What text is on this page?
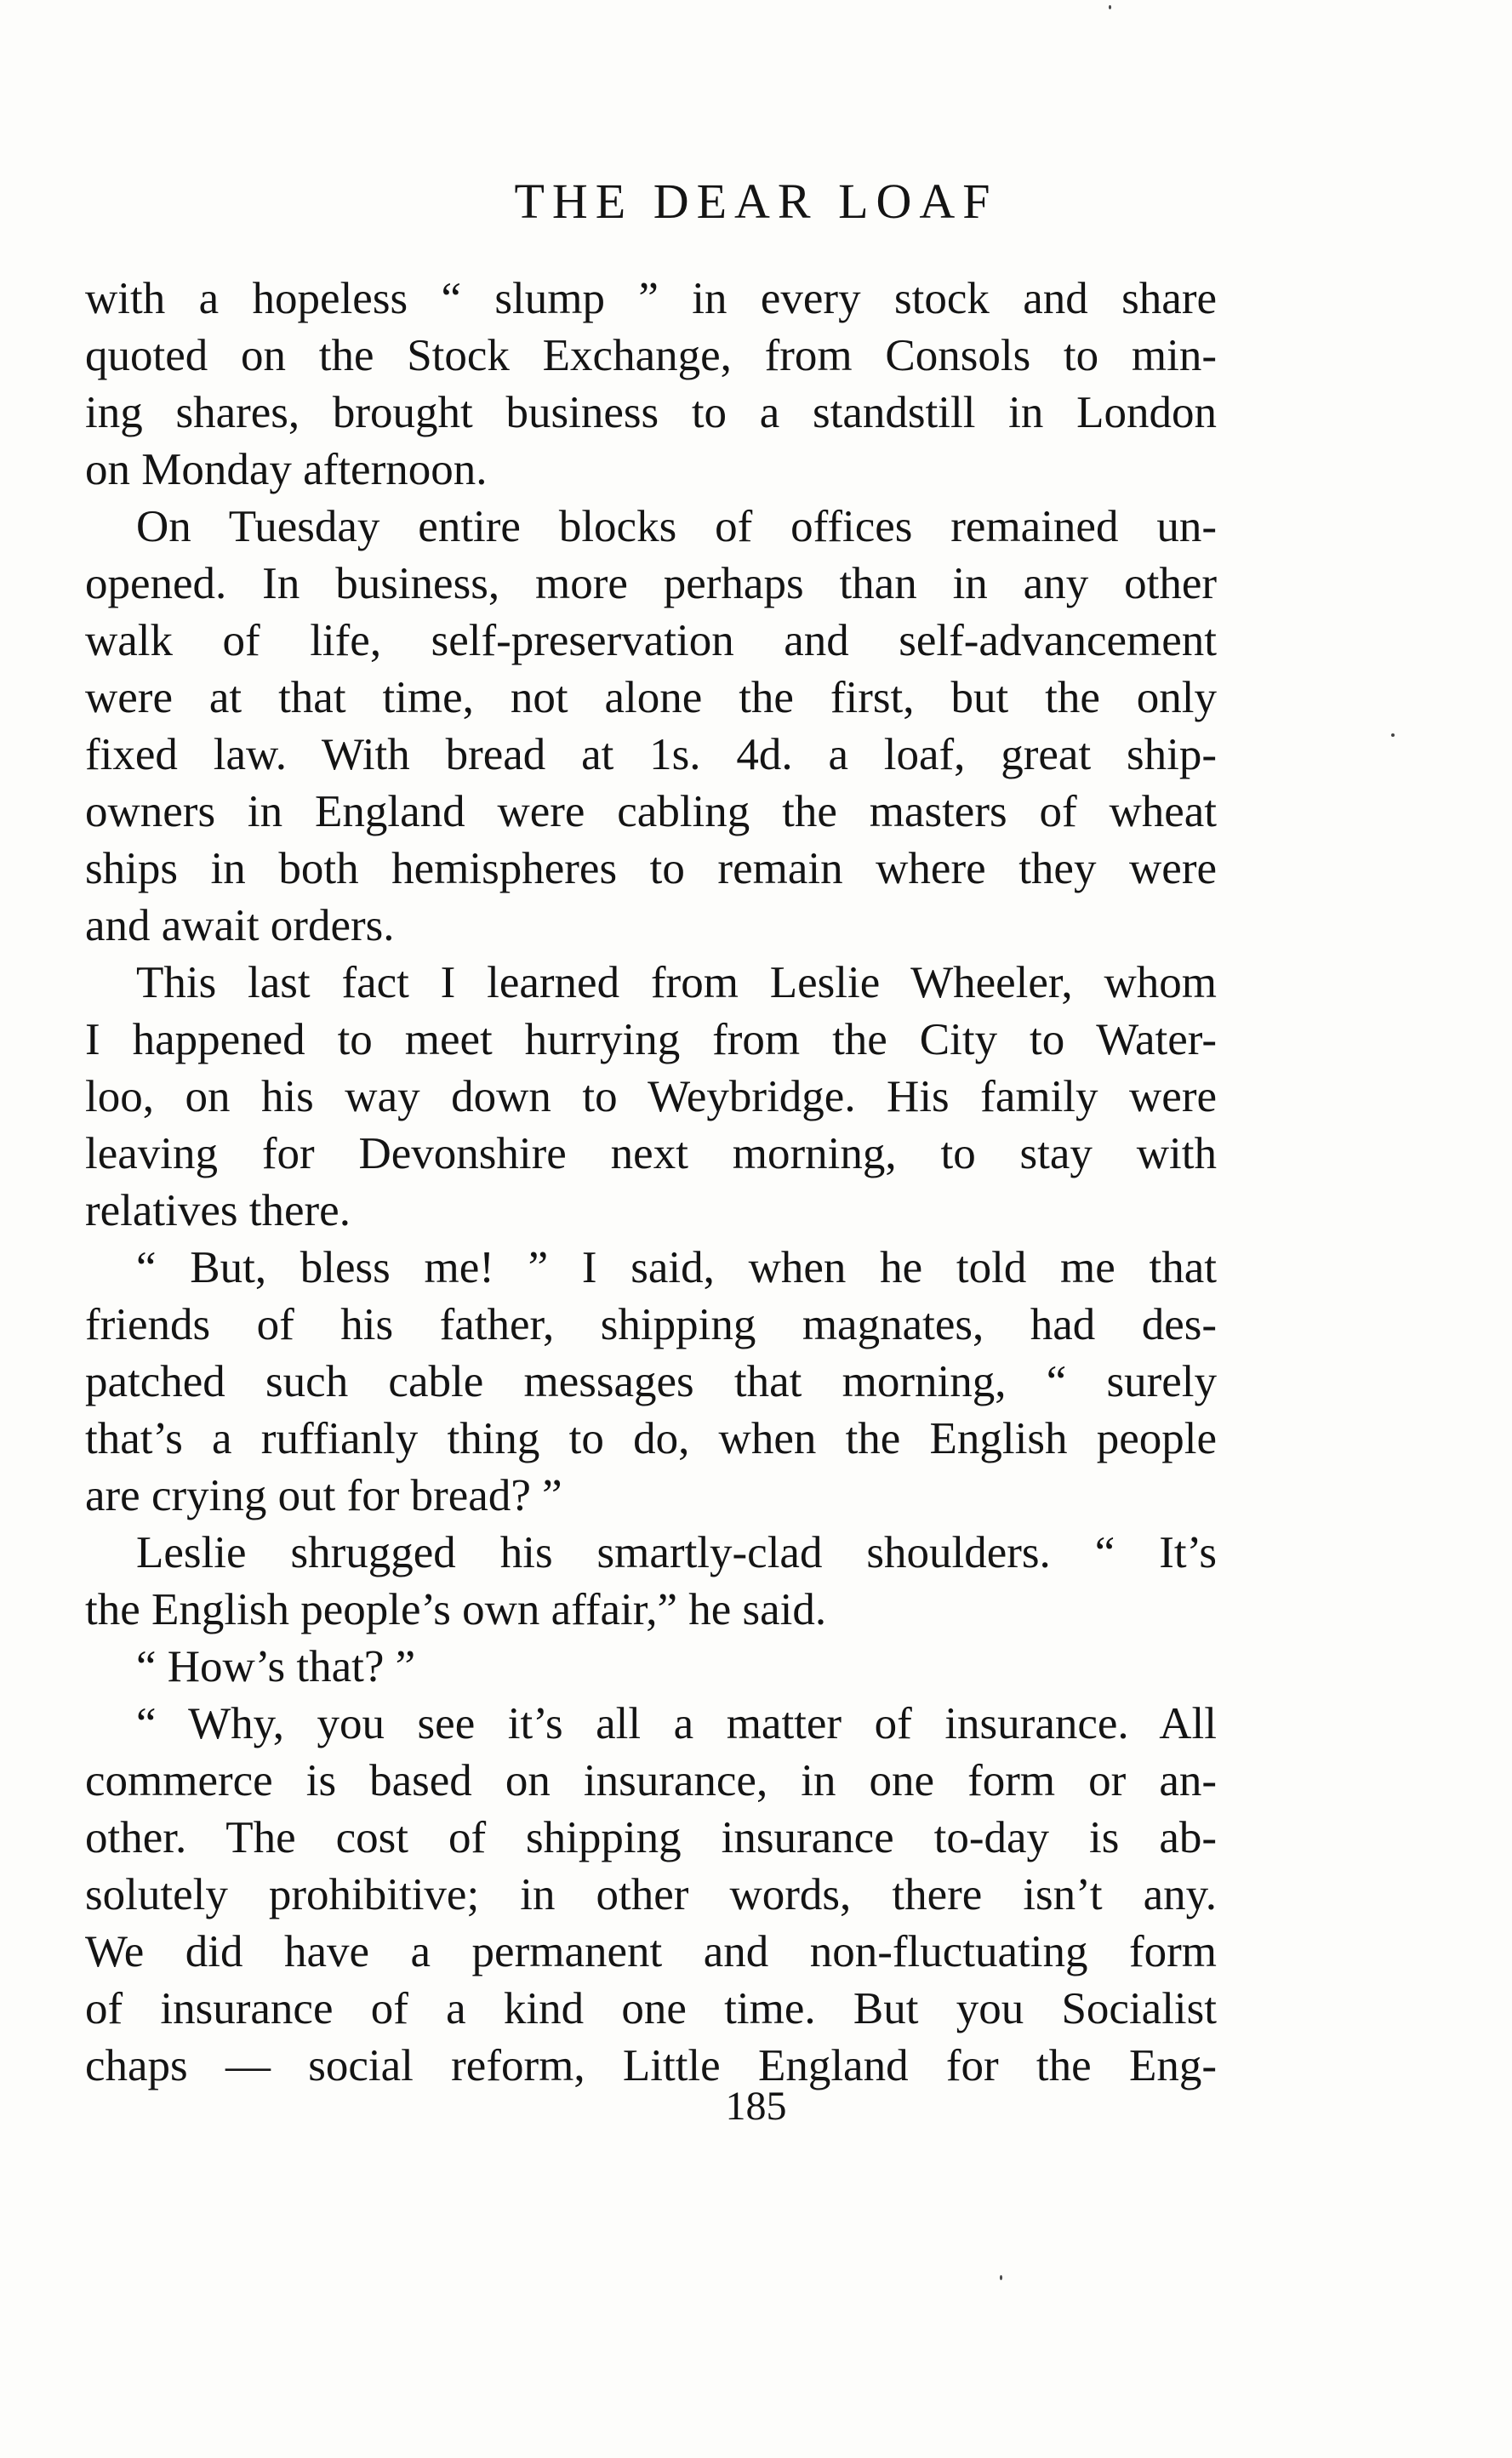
THE DEAR LOAF
with a hopeless “ slump ” in every stock and share
quoted on the Stock Exchange, from Consols to min-
ing shares, brought business to a standstill in London
on Monday afternoon.
On Tuesday entire blocks of offices remained un-
opened. In business, more perhaps than in any other
walk of life, self-preservation and self-advancement
were at that time, not alone the first, but the only
fixed law. With bread at 1s. 4d. a loaf, great ship-
owners in England were cabling the masters of wheat
ships in both hemispheres to remain where they were
and await orders.
This last fact I learned from Leslie Wheeler, whom
I happened to meet hurrying from the City to Water-
loo, on his way down to Weybridge. His family were
leaving for Devonshire next morning, to stay with
relatives there.
“ But, bless me! ” I said, when he told me that
friends of his father, shipping magnates, had des-
patched such cable messages that morning, “ surely
that’s a ruffianly thing to do, when the English people
are crying out for bread? ”
Leslie shrugged his smartly-clad shoulders. “ It’s
the English people’s own affair,” he said.
“ How’s that? ”
“ Why, you see it’s all a matter of insurance. All
commerce is based on insurance, in one form or an-
other. The cost of shipping insurance to-day is ab-
solutely prohibitive; in other words, there isn’t any.
We did have a permanent and non-fluctuating form
of insurance of a kind one time. But you Socialist
chaps — social reform, Little England for the Eng-
185
